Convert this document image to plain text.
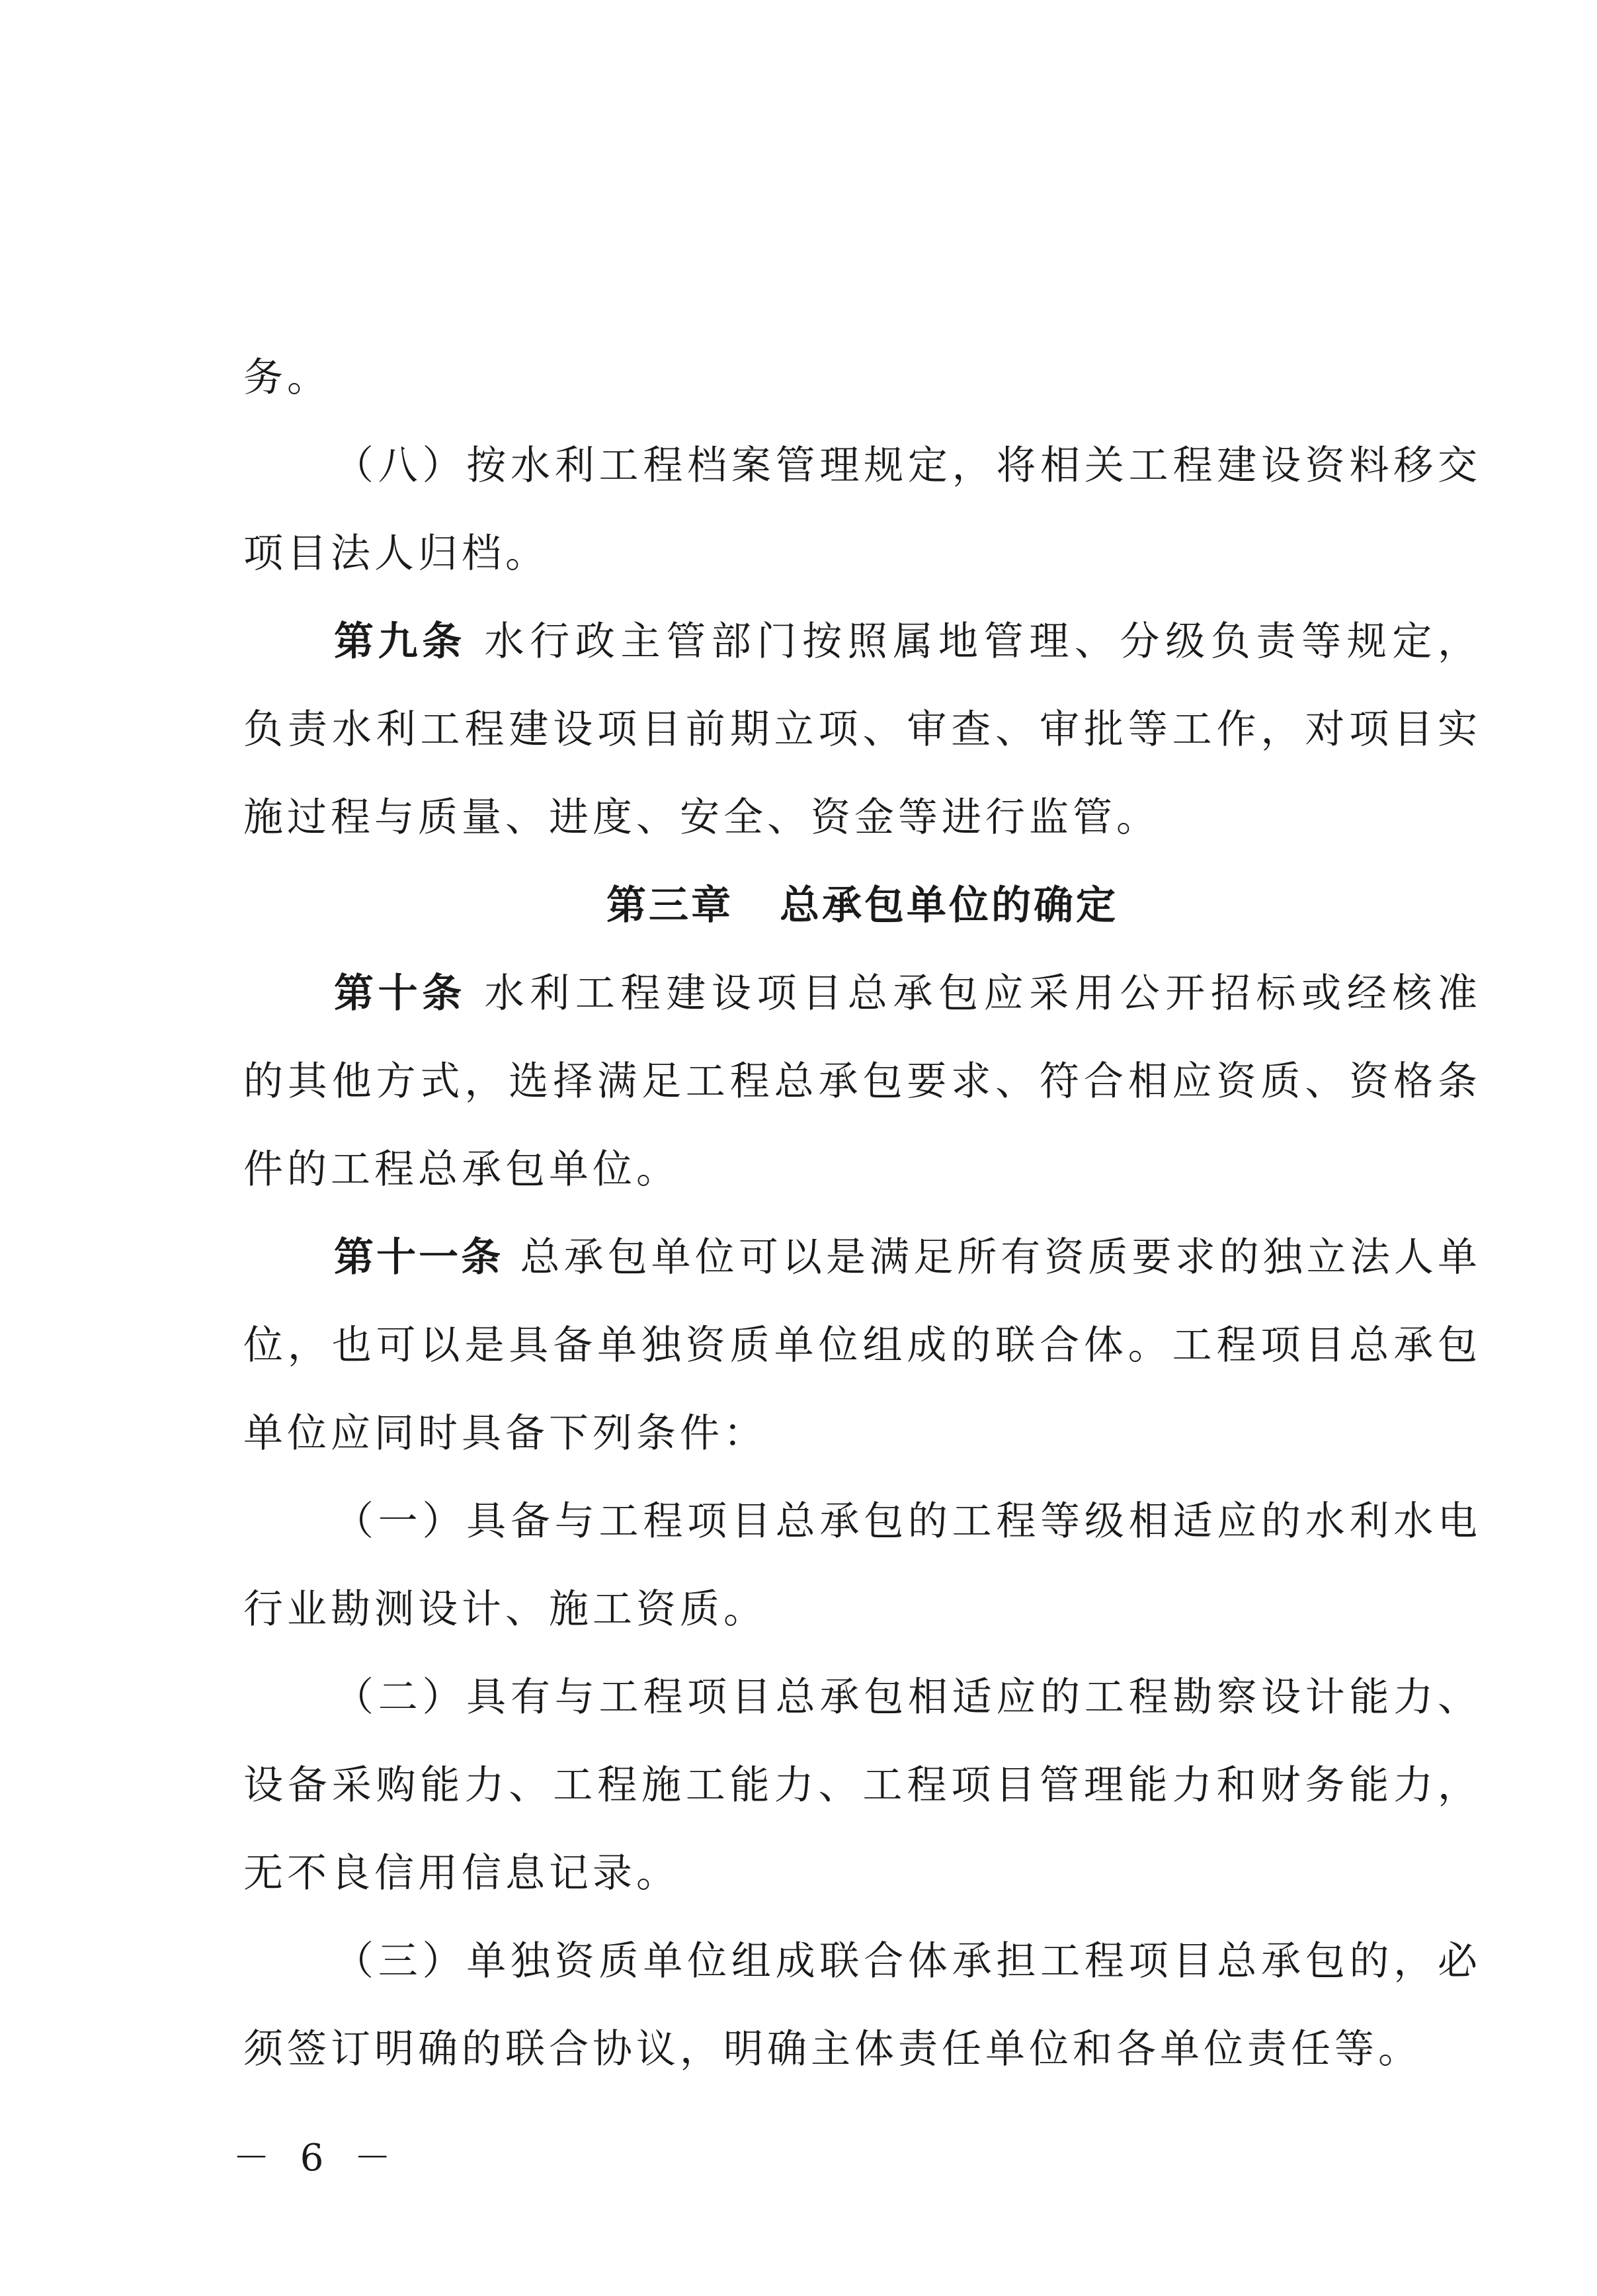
务。

（八）按水利工程档案管理规定，将相关工程建设资料移交项目法人归档。

第九条 水行政主管部门按照属地管理、分级负责等规定，负责水利工程建设项目前期立项、审查、审批等工作，对项目实施过程与质量、进度、安全、资金等进行监管。

第三章 总承包单位的确定

第十条 水利工程建设项目总承包应采用公开招标或经核准的其他方式，选择满足工程总承包要求、符合相应资质、资格条件的工程总承包单位。

第十一条 总承包单位可以是满足所有资质要求的独立法人单位，也可以是具备单独资质单位组成的联合体。工程项目总承包单位应同时具备下列条件：

（一）具备与工程项目总承包的工程等级相适应的水利水电行业勘测设计、施工资质。

（二）具有与工程项目总承包相适应的工程勘察设计能力、设备采购能力、工程施工能力、工程项目管理能力和财务能力，无不良信用信息记录。

（三）单独资质单位组成联合体承担工程项目总承包的，必须签订明确的联合协议，明确主体责任单位和各单位责任等。

－ 6 －
